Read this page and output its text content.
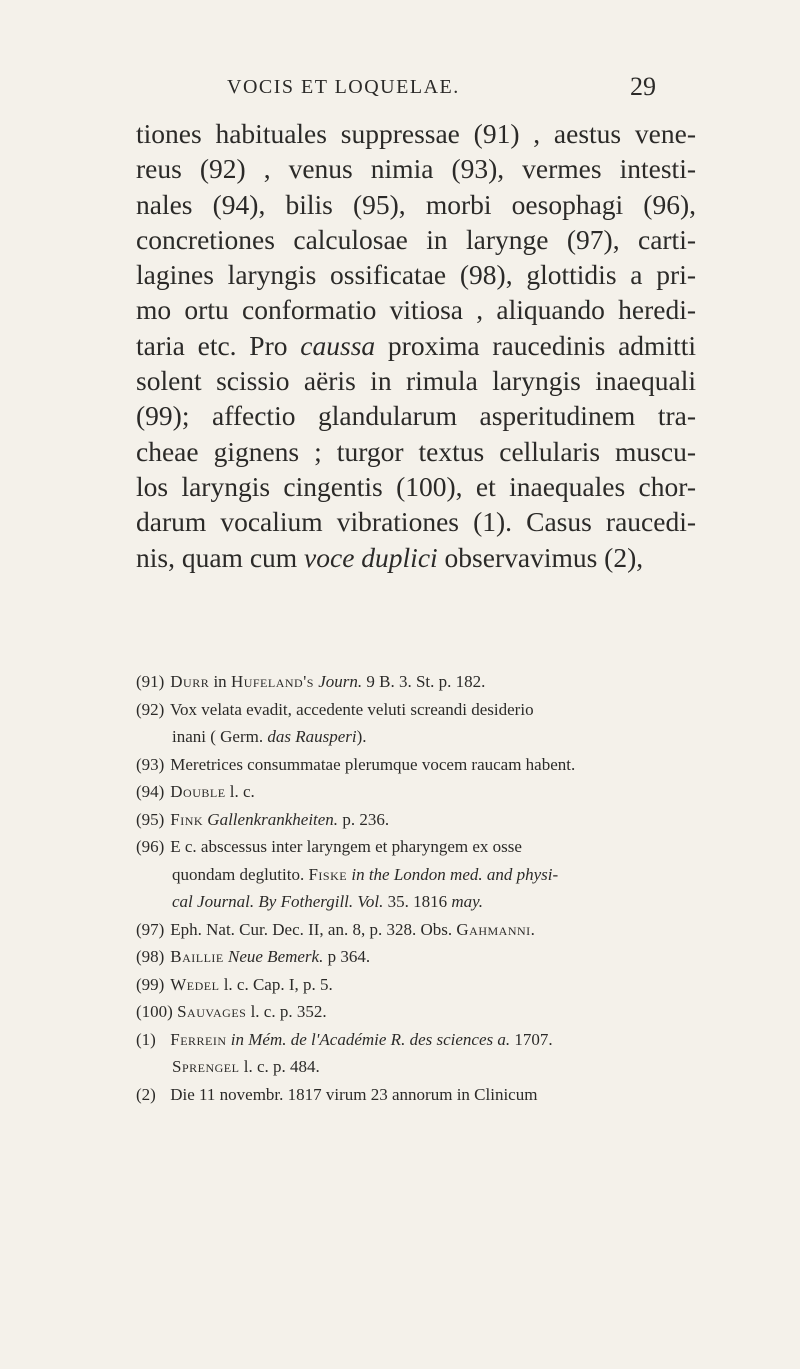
VOCIS ET LOQUELAE.	29
tiones habituales suppressae (91) , aestus vene-
reus (92) , venus nimia (93), vermes intesti-
nales (94), bilis (95), morbi oesophagi (96),
concretiones calculosae in larynge (97), carti-
lagines laryngis ossificatae (98), glottidis a pri-
mo ortu conformatio vitiosa , aliquando heredi-
taria etc. Pro caussa proxima raucedinis admitti
solent scissio aëris in rimula laryngis inaequali
(99); affectio glandularum asperitudinem tra-
cheae gignens ; turgor textus cellularis muscu-
los laryngis cingentis (100), et inaequales chor-
darum vocalium vibrationes (1). Casus raucedi-
nis, quam cum voce duplici observavimus (2),
(91) Durr in Hufeland's Journ. 9 B. 3. St. p. 182.
(92) Vox velata evadit, accedente veluti screandi desiderio
inani ( Germ. das Rausperi).
(93) Meretrices consummatae plerumque vocem raucam habent.
(94) Double l. c.
(95) Fink Gallenkrankheiten. p. 236.
(96) E c. abscessus inter laryngem et pharyngem ex osse
quondam deglutito. Fiske in the London med. and physi-
cal Journal. By Fothergill. Vol. 35. 1816 may.
(97) Eph. Nat. Cur. Dec. II, an. 8, p. 328. Obs. Gahmanni.
(98) Baillie Neue Bemerk. p 364.
(99) Wedel l. c. Cap. I, p. 5.
(100) Sauvages l. c. p. 352.
(1) Ferrein in Mém. de l'Académie R. des sciences a. 1707.
Sprengel l. c. p. 484.
(2) Die 11 novembr. 1817 virum 23 annorum in Clinicum
